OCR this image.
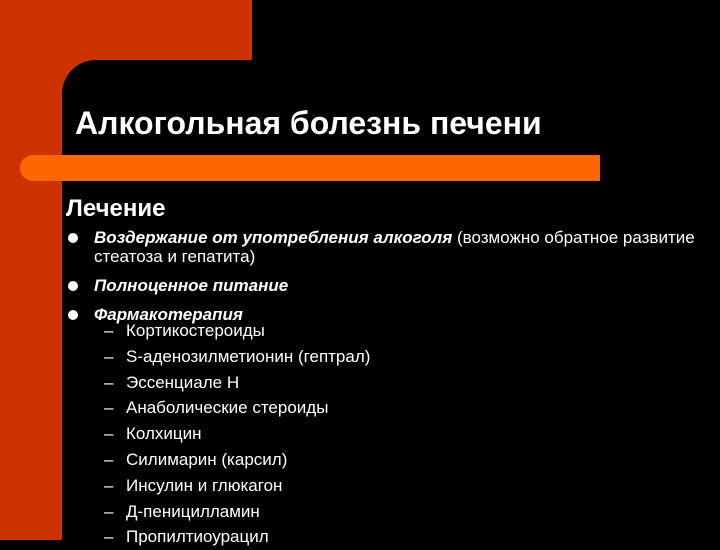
Алкогольная болезнь печени
Лечение
Воздержание от употребления алкоголя (возможно обратное развитие стеатоза и гепатита)
Полноценное питание
Фармакотерапия
– Кортикостероиды
– S-аденозилметионин (гептрал)
– Эссенциале Н
– Анаболические стероиды
– Колхицин
– Силимарин (карсил)
– Инсулин и глюкагон
– Д-пеницилламин
– Пропилтиоурацил
